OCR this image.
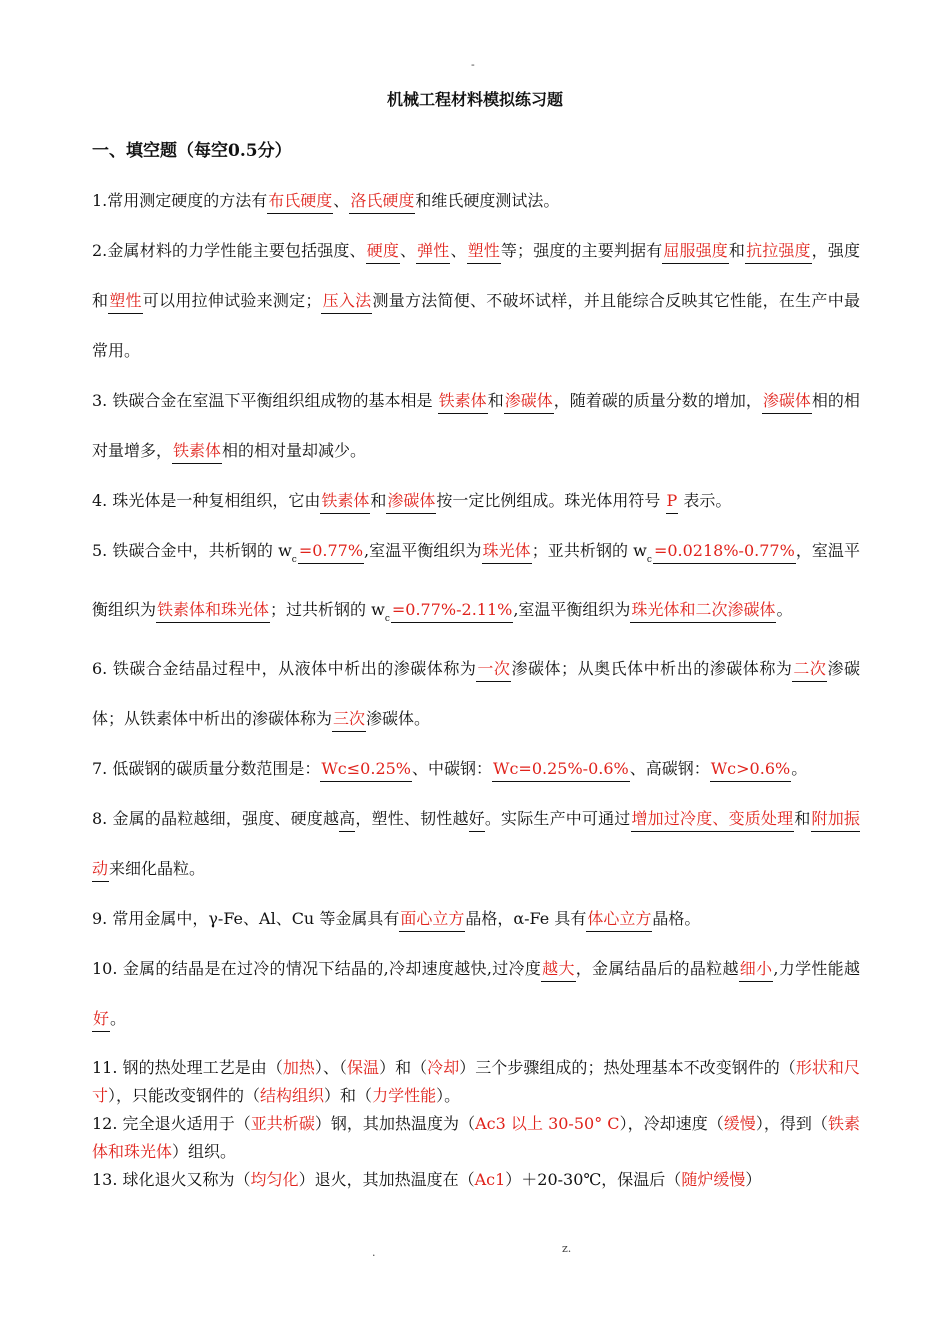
-
机械工程材料模拟练习题
一、填空题（每空0.5分）

1.常用测定硬度的方法有布氏硬度、洛氏硬度和维氏硬度测试法。

2.金属材料的力学性能主要包括强度、硬度、弹性、塑性等；强度的主要判据有屈服强度和抗拉强度，强度和塑性可以用拉伸试验来测定；压入法测量方法简便、不破坏试样，并且能综合反映其它性能，在生产中最常用。

3. 铁碳合金在室温下平衡组织组成物的基本相是 铁素体和渗碳体，随着碳的质量分数的增加，渗碳体相的相对量增多，铁素体相的相对量却减少。

4. 珠光体是一种复相组织，它由铁素体和渗碳体按一定比例组成。珠光体用符号 P 表示。

5. 铁碳合金中，共析钢的 $w_c =0.77\%$,室温平衡组织为珠光体；亚共析钢的 $w_c =0.0218\%-0.77\%$，室温平衡组织为铁素体和珠光体；过共析钢的 $w_c =0.77\%-2.11\%$,室温平衡组织为珠光体和二次渗碳体。

6. 铁碳合金结晶过程中，从液体中析出的渗碳体称为一次渗碳体；从奥氏体中析出的渗碳体称为二次渗碳体；从铁素体中析出的渗碳体称为三次渗碳体。

7. 低碳钢的碳质量分数范围是：Wc≤0.25%、中碳钢：Wc=0.25%-0.6%、高碳钢：Wc>0.6%。

8. 金属的晶粒越细，强度、硬度越高，塑性、韧性越好。实际生产中可通过增加过冷度、变质处理和附加振动来细化晶粒。

9. 常用金属中，γ-Fe、Al、Cu 等金属具有面心立方晶格，α-Fe 具有体心立方晶格。

10. 金属的结晶是在过冷的情况下结晶的,冷却速度越快,过冷度越大，金属结晶后的晶粒越细小,力学性能越好。

11. 钢的热处理工艺是由（加热）、（保温）和（冷却）三个步骤组成的；热处理基本不改变钢件的（形状和尺寸），只能改变钢件的（结构组织）和（力学性能）。

12. 完全退火适用于（亚共析碳）钢，其加热温度为（Ac3 以上 30-50° C），冷却速度（缓慢），得到（铁素体和珠光体）组织。

13. 球化退火又称为（均匀化）退火，其加热温度在（Ac1）＋20-30℃，保温后（随炉缓慢）

.	z.
